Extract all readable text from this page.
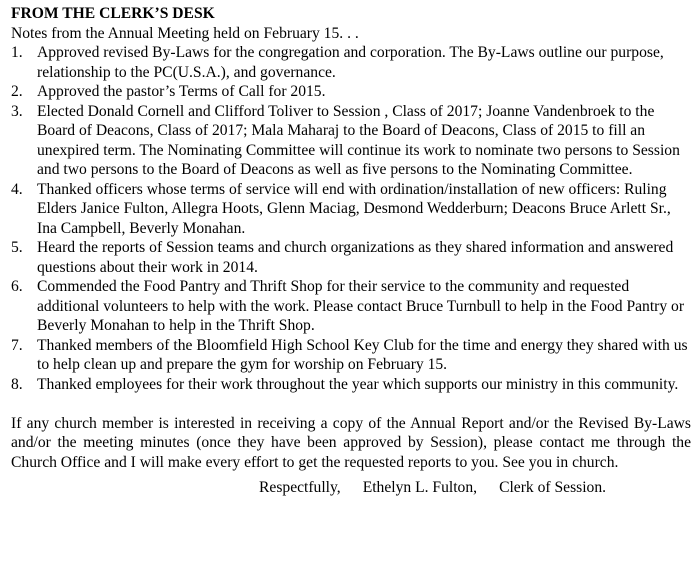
FROM THE CLERK’S DESK
Notes from the Annual Meeting held on February 15. . .
1. Approved revised By-Laws for the congregation and corporation. The By-Laws outline our purpose, relationship to the PC(U.S.A.), and governance.
2. Approved the pastor’s Terms of Call for 2015.
3. Elected Donald Cornell and Clifford Toliver to Session , Class of 2017; Joanne Vandenbroek to the Board of Deacons, Class of 2017; Mala Maharaj to the Board of Deacons, Class of 2015 to fill an unexpired term. The Nominating Committee will continue its work to nominate two persons to Session and two persons to the Board of Deacons as well as five persons to the Nominating Committee.
4. Thanked officers whose terms of service will end with ordination/installation of new officers: Ruling Elders Janice Fulton, Allegra Hoots, Glenn Maciag, Desmond Wedderburn; Deacons Bruce Arlett Sr., Ina Campbell, Beverly Monahan.
5. Heard the reports of Session teams and church organizations as they shared information and answered questions about their work in 2014.
6. Commended the Food Pantry and Thrift Shop for their service to the community and requested additional volunteers to help with the work. Please contact Bruce Turnbull to help in the Food Pantry or Beverly Monahan to help in the Thrift Shop.
7. Thanked members of the Bloomfield High School Key Club for the time and energy they shared with us to help clean up and prepare the gym for worship on February 15.
8. Thanked employees for their work throughout the year which supports our ministry in this community.
If any church member is interested in receiving a copy of the Annual Report and/or the Revised By-Laws and/or the meeting minutes (once they have been approved by Session), please contact me through the Church Office and I will make every effort to get the requested reports to you. See you in church.
Respectfully, Ethelyn L. Fulton, Clerk of Session.
